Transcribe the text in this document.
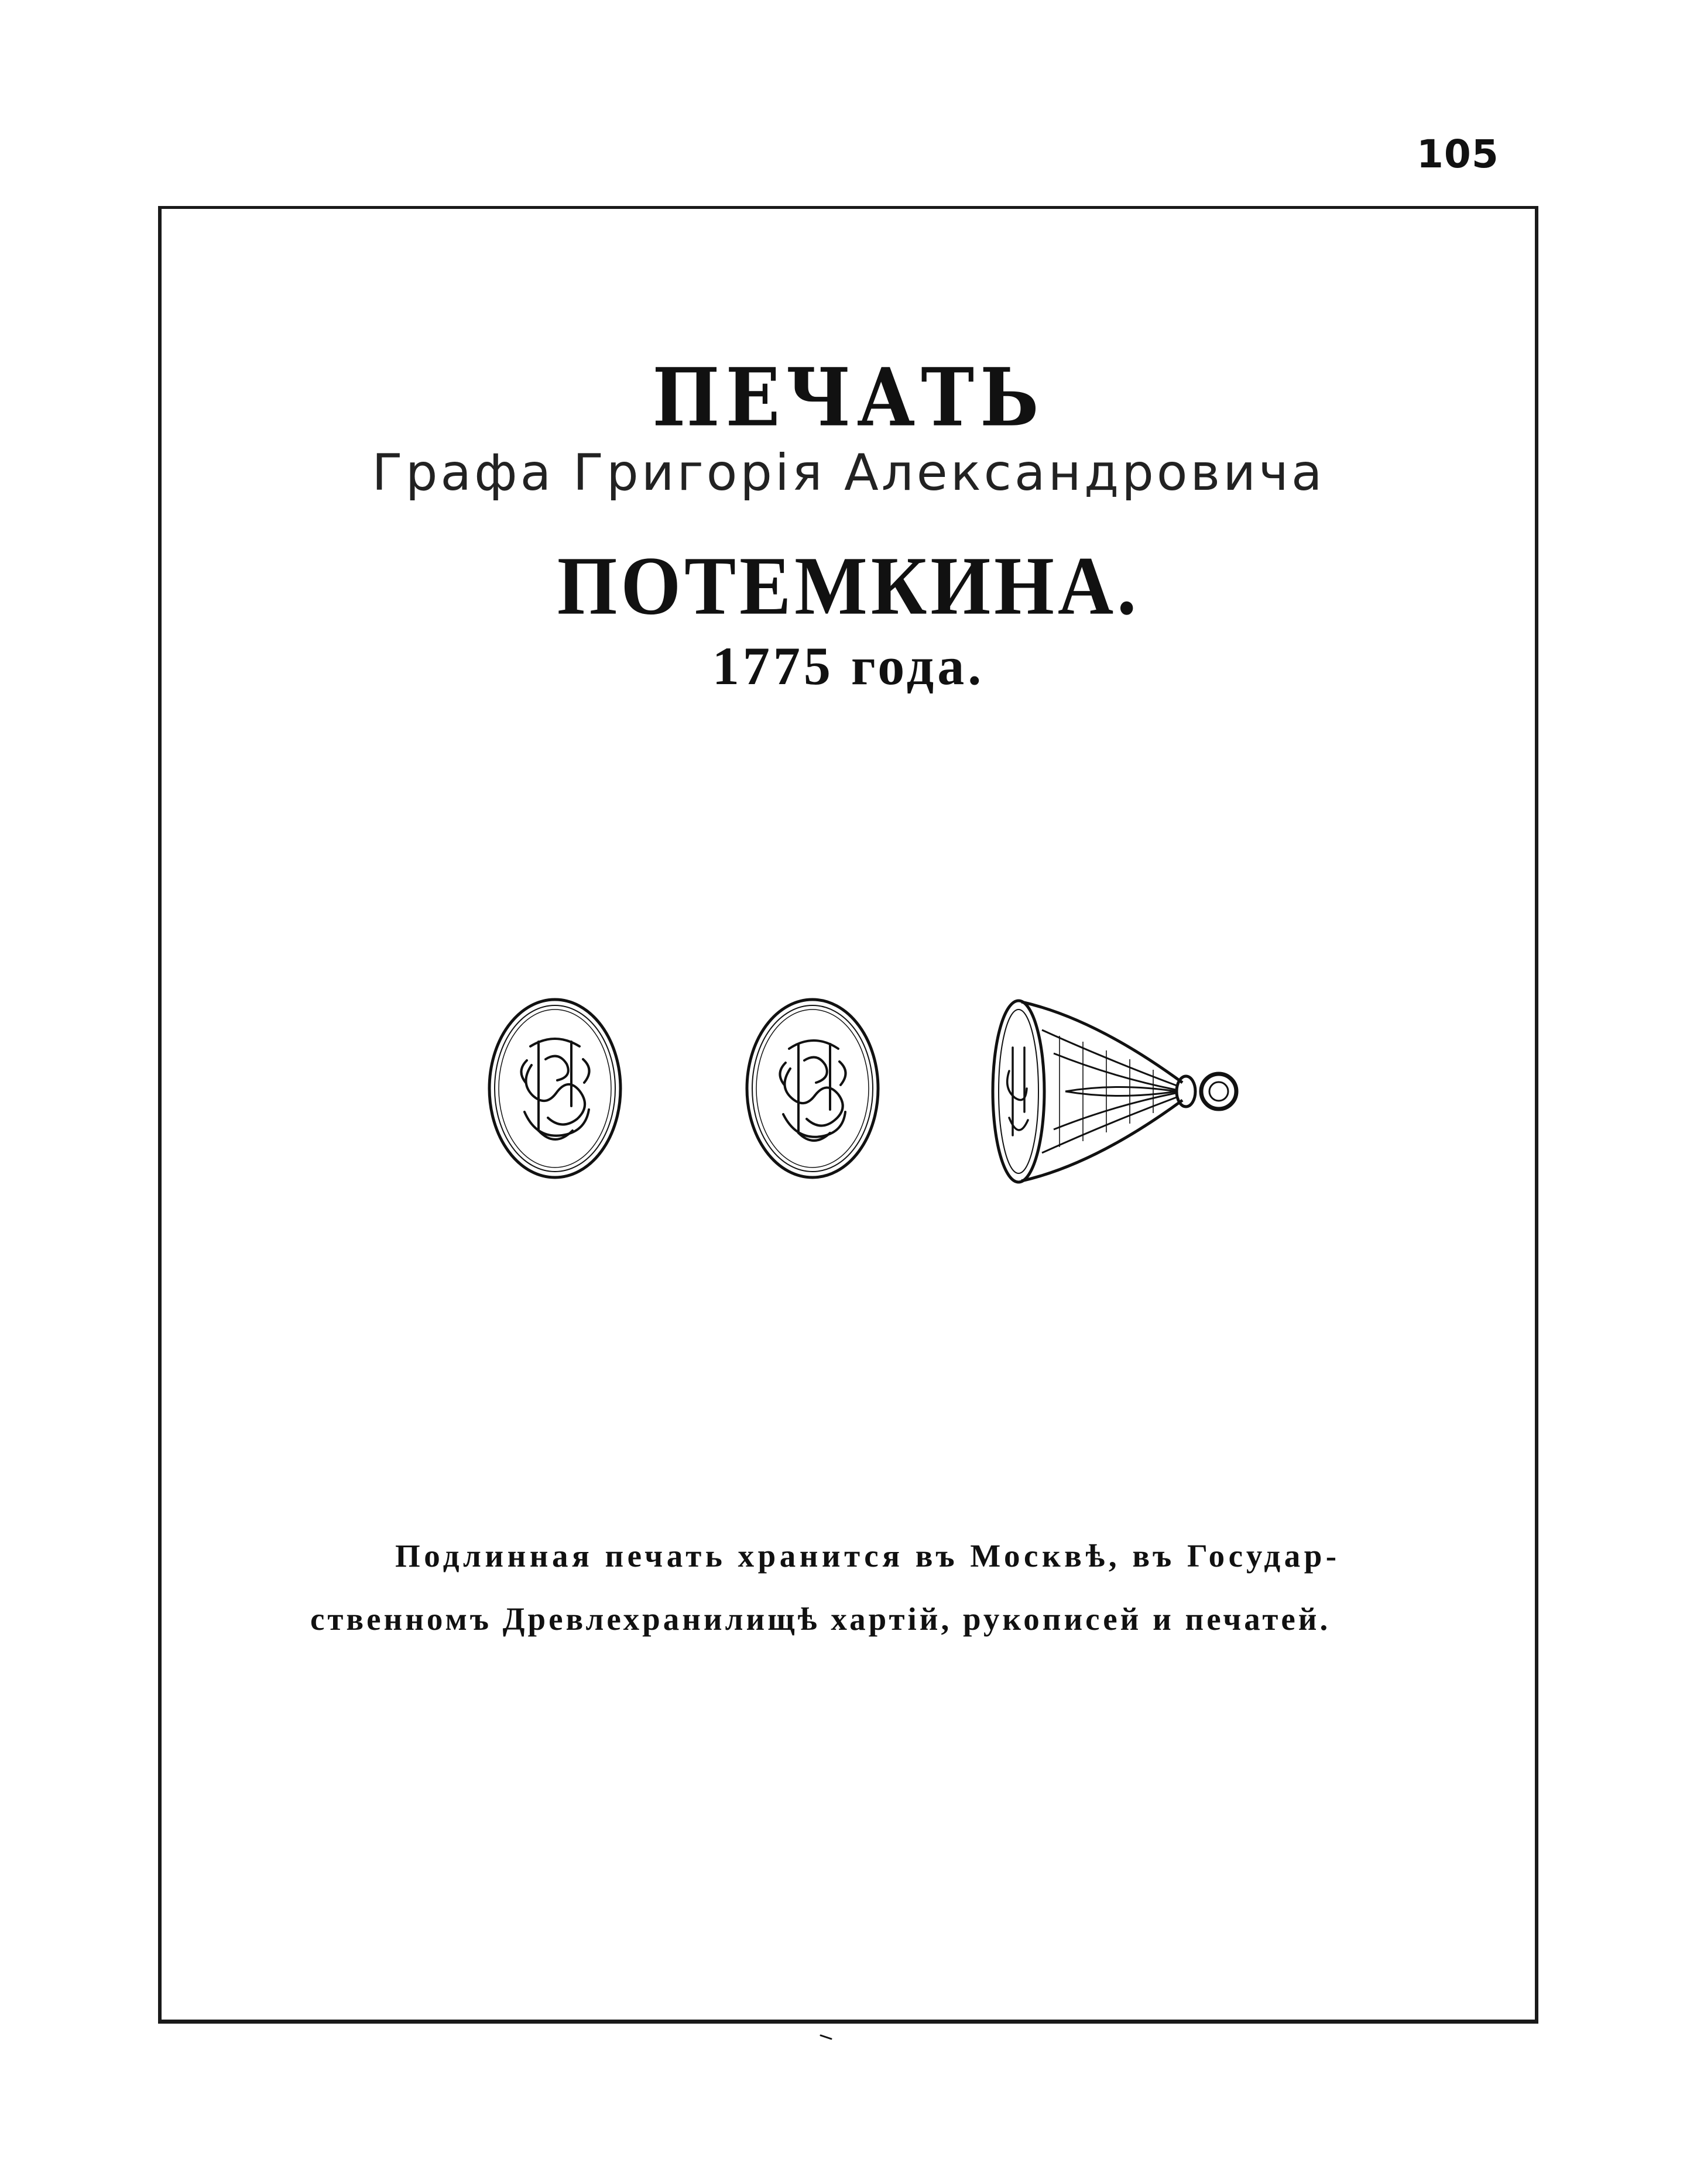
105
ПЕЧАТЬ
Графа Григорія Александровича
ПОТЕМКИНА.
1775 года.
Подлинная печать хранится въ Москвѣ, въ Государ-
ственномъ Древлехранилищѣ хартій, рукописей и печатей.
